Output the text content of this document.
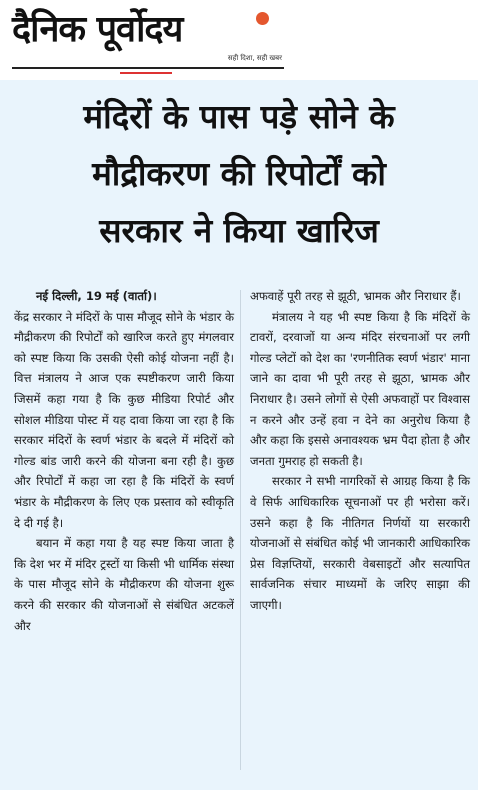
दैनिक पूर्वोदय
सही दिशा, सही खबर
मंदिरों के पास पड़े सोने के
मौद्रीकरण की रिपोर्टों को
सरकार ने किया खारिज

नई दिल्ली, 19 मई (वार्ता)।

केंद्र सरकार ने मंदिरों के पास मौजूद सोने के भंडार के मौद्रीकरण की रिपोर्टों को खारिज करते हुए मंगलवार को स्पष्ट किया कि उसकी ऐसी कोई योजना नहीं है। वित्त मंत्रालय ने आज एक स्पष्टीकरण जारी किया जिसमें कहा गया है कि कुछ मीडिया रिपोर्ट और सोशल मीडिया पोस्ट में यह दावा किया जा रहा है कि सरकार मंदिरों के स्वर्ण भंडार के बदले में मंदिरों को गोल्ड बांड जारी करने की योजना बना रही है। कुछ और रिपोर्टों में कहा जा रहा है कि मंदिरों के स्वर्ण भंडार के मौद्रीकरण के लिए एक प्रस्ताव को स्वीकृति दे दी गई है।

बयान में कहा गया है यह स्पष्ट किया जाता है कि देश भर में मंदिर ट्रस्टों या किसी भी धार्मिक संस्था के पास मौजूद सोने के मौद्रीकरण की योजना शुरू करने की सरकार की योजनाओं से संबंधित अटकलें और

अफवाहें पूरी तरह से झूठी, भ्रामक और निराधार हैं।

मंत्रालय ने यह भी स्पष्ट किया है कि मंदिरों के टावरों, दरवाजों या अन्य मंदिर संरचनाओं पर लगी गोल्ड प्लेटों को देश का 'रणनीतिक स्वर्ण भंडार' माना जाने का दावा भी पूरी तरह से झूठा, भ्रामक और निराधार है। उसने लोगों से ऐसी अफवाहों पर विश्वास न करने और उन्हें हवा न देने का अनुरोध किया है और कहा कि इससे अनावश्यक भ्रम पैदा होता है और जनता गुमराह हो सकती है।

सरकार ने सभी नागरिकों से आग्रह किया है कि वे सिर्फ आधिकारिक सूचनाओं पर ही भरोसा करें। उसने कहा है कि नीतिगत निर्णयों या सरकारी योजनाओं से संबंधित कोई भी जानकारी आधिकारिक प्रेस विज्ञप्तियों, सरकारी वेबसाइटों और सत्यापित सार्वजनिक संचार माध्यमों के जरिए साझा की जाएगी।
